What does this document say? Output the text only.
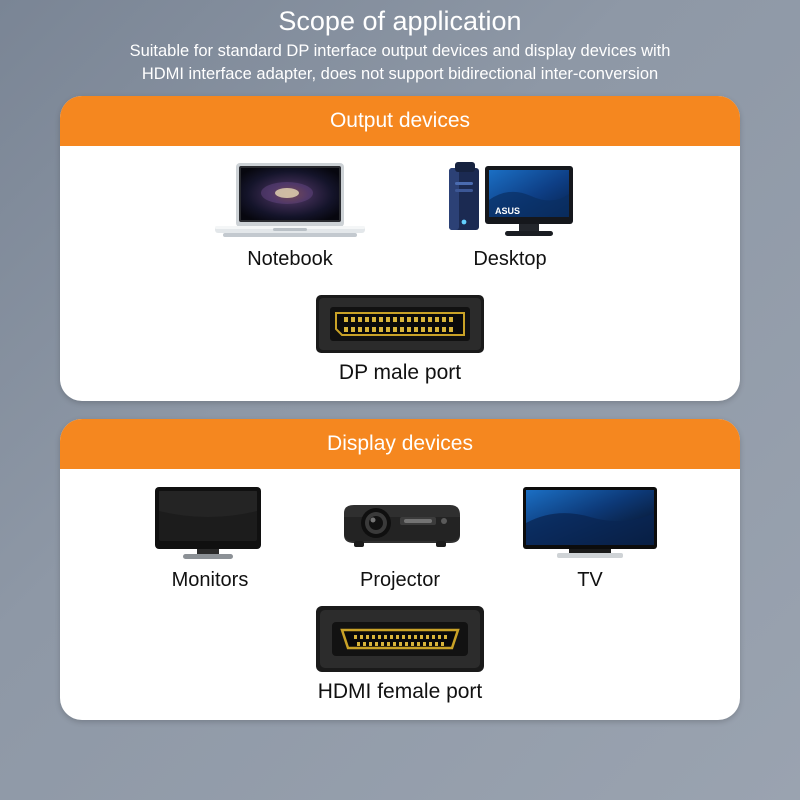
Scope of application
Suitable for standard DP interface output devices and display devices with
HDMI interface adapter, does not support bidirectional inter-conversion
Output devices
Notebook
ASUS
Desktop
DP male port
Display devices
Monitors	Projector	TV
HDMI female port
